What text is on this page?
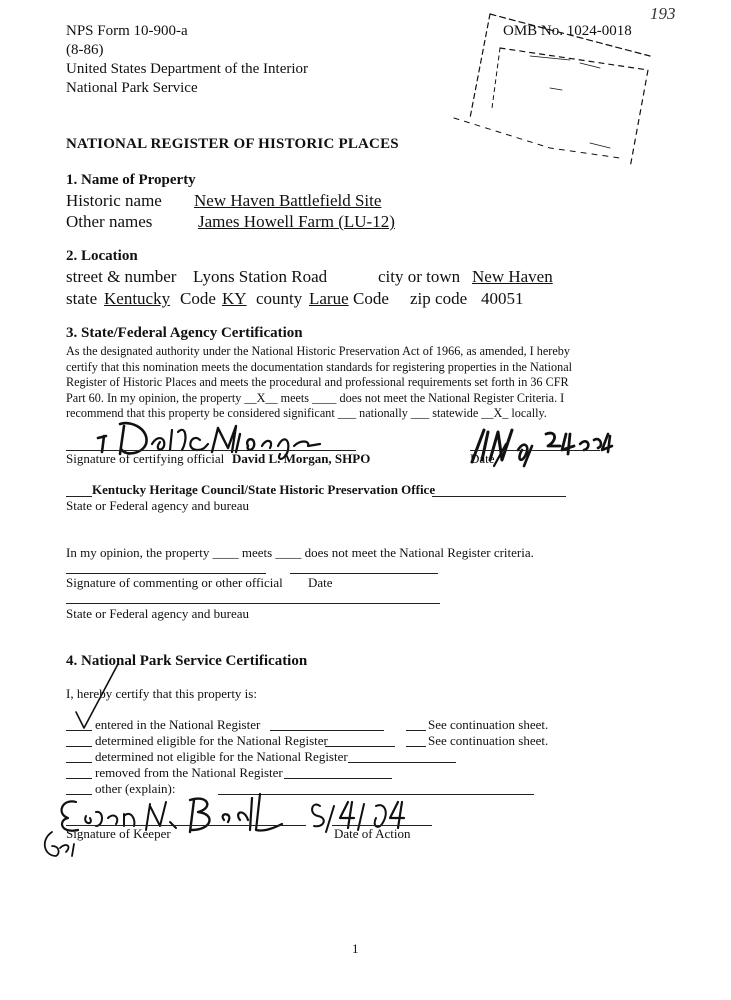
NPS Form 10-900-a
(8-86)
United States Department of the Interior
National Park Service
OMB No. 1024-0018
193
NATIONAL REGISTER OF HISTORIC PLACES
1. Name of Property
Historic name New Haven Battlefield Site
Other names	James Howell Farm (LU-12)
2. Location
street & number Lyons Station Road	city or town New Haven
state Kentucky Code KY county Larue Code zip code 40051
3. State/Federal Agency Certification
As the designated authority under the National Historic Preservation Act of 1966, as amended, I hereby
certify that this nomination meets the documentation standards for registering properties in the National
Register of Historic Places and meets the procedural and professional requirements set forth in 36 CFR
Part 60. In my opinion, the property __X__ meets ____ does not meet the National Register Criteria. I
recommend that this property be considered significant ___ nationally ___ statewide __X_ locally.
Signature of certifying official David L. Morgan, SHPO	Date
Kentucky Heritage Council/State Historic Preservation Office
State or Federal agency and bureau
In my opinion, the property ____ meets ____ does not meet the National Register criteria.
Signature of commenting or other official Date
State or Federal agency and bureau
4. National Park Service Certification
I, hereby certify that this property is:
entered in the National Register	See continuation sheet.
determined eligible for the National Register	See continuation sheet.
determined not eligible for the National Register
removed from the National Register
other (explain):
Signature of Keeper	Date of Action
1
